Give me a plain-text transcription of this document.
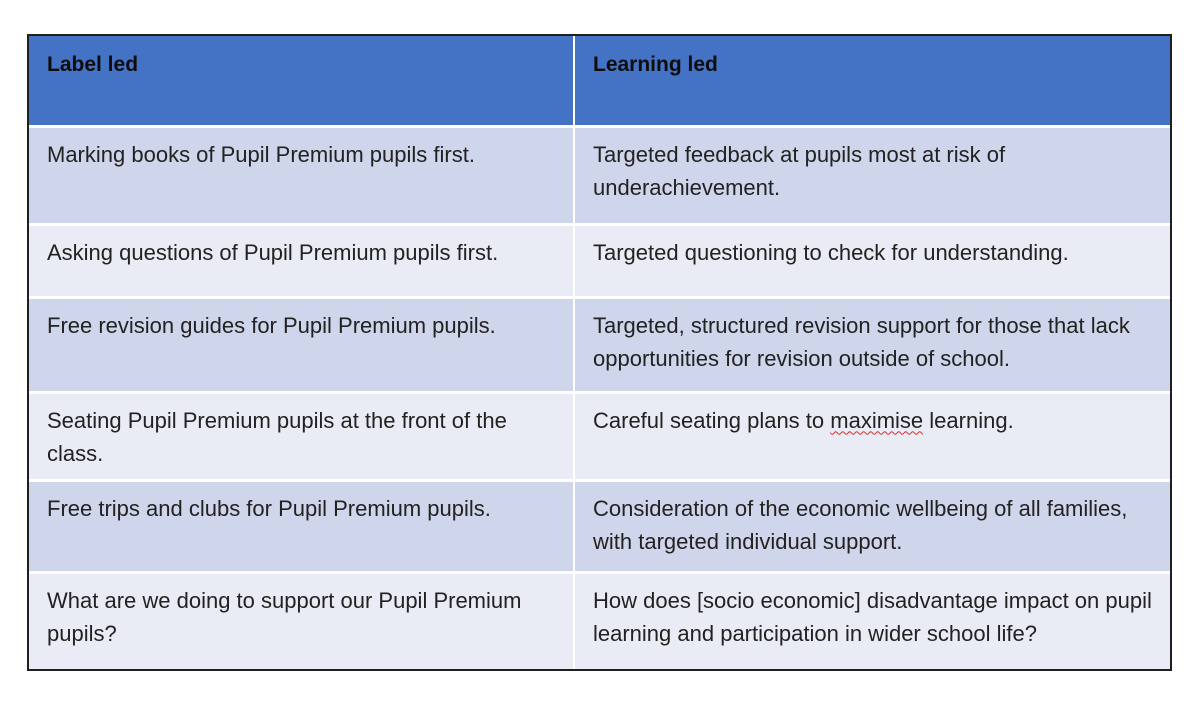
Label led	Learning led

Marking books of Pupil Premium pupils first.	Targeted feedback at pupils most at risk of underachievement.

Asking questions of Pupil Premium pupils first.	Targeted questioning to check for understanding.

Free revision guides for Pupil Premium pupils.	Targeted, structured revision support for those that lack opportunities for revision outside of school.

Seating Pupil Premium pupils at the front of the class.	Careful seating plans to maximise learning.

Free trips and clubs for Pupil Premium pupils.	Consideration of the economic wellbeing of all families, with targeted individual support.

What are we doing to support our Pupil Premium pupils?	How does [socio economic] disadvantage impact on pupil learning and participation in wider school life?
